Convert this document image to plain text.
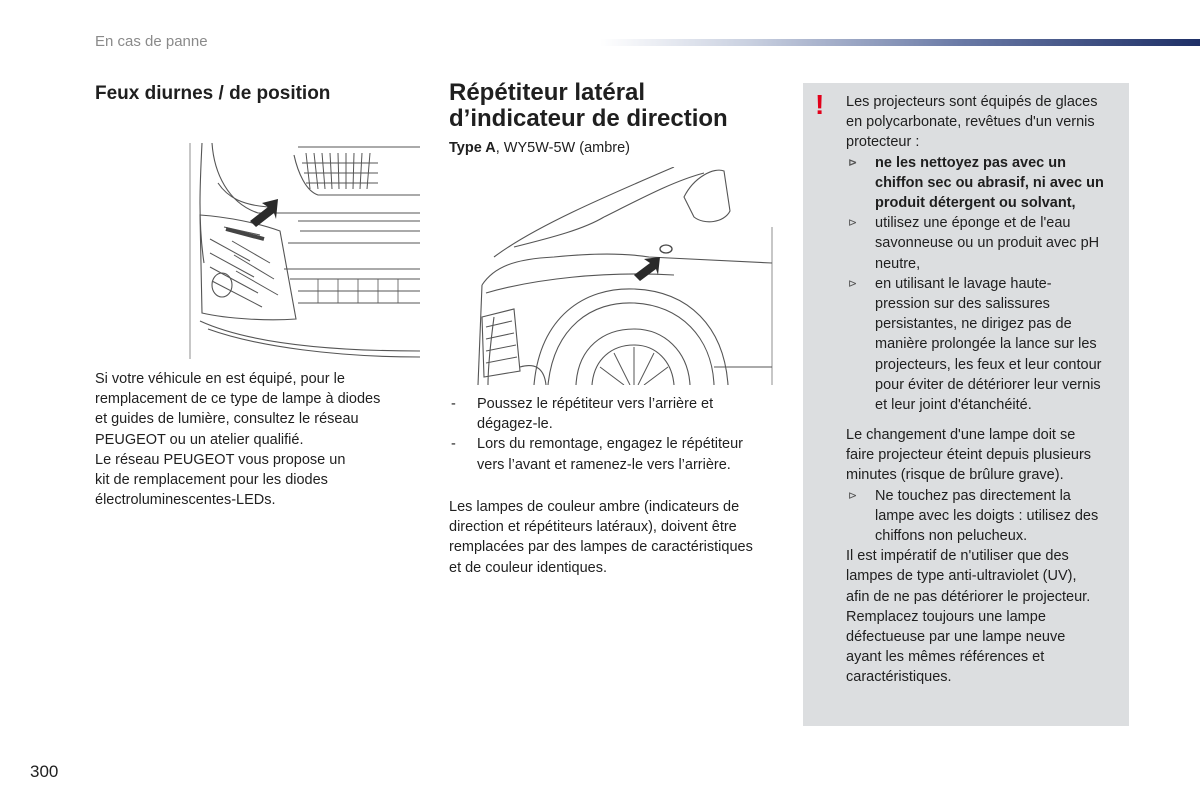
En cas de panne
Feux diurnes / de position

Si votre véhicule en est équipé, pour le

remplacement de ce type de lampe à diodes

et guides de lumière, consultez le réseau

PEUGEOT ou un atelier qualifié.

Le réseau PEUGEOT vous propose un

kit de remplacement pour les diodes

électroluminescentes-LEDs.

Répétiteur latéral
d’indicateur de direction
Type A, WY5W-5W (ambre)
- Poussez le répétiteur vers l’arrière et
dégagez-le.
- Lors du remontage, engagez le répétiteur
vers l’avant et ramenez-le vers l’arrière.
Les lampes de couleur ambre (indicateurs de
direction et répétiteurs latéraux), doivent être
remplacées par des lampes de caractéristiques
et de couleur identiques.
!	Les projecteurs sont équipés de glaces

en polycarbonate, revêtues d'un vernis

protecteur :

⊳ ne les nettoyez pas avec un
chiffon sec ou abrasif, ni avec un
produit détergent ou solvant,
⊳ utilisez une éponge et de l'eau
savonneuse ou un produit avec pH
neutre,
⊳ en utilisant le lavage haute-
pression sur des salissures
persistantes, ne dirigez pas de
manière prolongée la lance sur les
projecteurs, les feux et leur contour
pour éviter de détériorer leur vernis
et leur joint d'étanchéité.

Le changement d'une lampe doit se

faire projecteur éteint depuis plusieurs

minutes (risque de brûlure grave).

⊳ Ne touchez pas directement la
lampe avec les doigts : utilisez des
chiffons non pelucheux.

Il est impératif de n'utiliser que des

lampes de type anti-ultraviolet (UV),

afin de ne pas détériorer le projecteur.

Remplacez toujours une lampe

défectueuse par une lampe neuve

ayant les mêmes références et

caractéristiques.

300
